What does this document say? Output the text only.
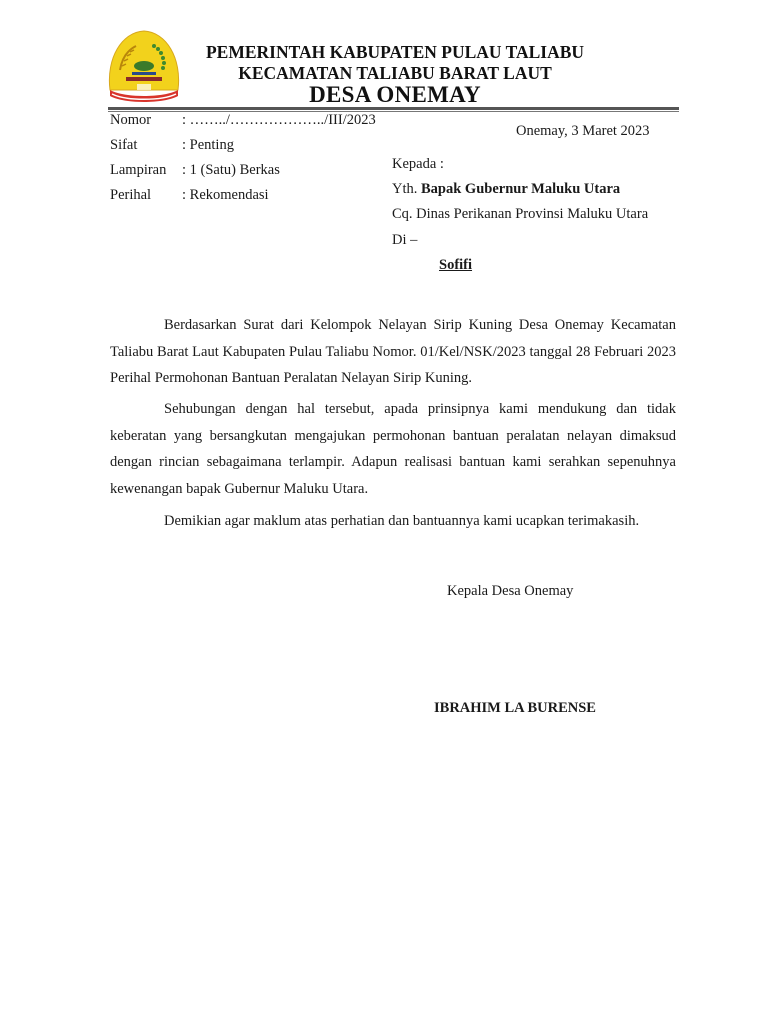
PEMERINTAH KABUPATEN PULAU TALIABU
KECAMATAN TALIABU BARAT LAUT
DESA ONEMAY
Nomor : ……../………………../III/2023
Sifat	: Penting
Lampiran : 1 (Satu) Berkas
Perihal : Rekomendasi
Onemay, 3 Maret 2023
Kepada :
Yth. Bapak Gubernur Maluku Utara
Cq. Dinas Perikanan Provinsi Maluku Utara
Di –
Sofifi

Berdasarkan Surat dari Kelompok Nelayan Sirip Kuning Desa Onemay Kecamatan Taliabu Barat Laut Kabupaten Pulau Taliabu Nomor. 01/Kel/NSK/2023 tanggal 28 Februari 2023 Perihal Permohonan Bantuan Peralatan Nelayan Sirip Kuning.

Sehubungan dengan hal tersebut, apada prinsipnya kami mendukung dan tidak keberatan yang bersangkutan mengajukan permohonan bantuan peralatan nelayan dimaksud dengan rincian sebagaimana terlampir. Adapun realisasi bantuan kami serahkan sepenuhnya kewenangan bapak Gubernur Maluku Utara.

Demikian agar maklum atas perhatian dan bantuannya kami ucapkan terimakasih.

Kepala Desa Onemay
IBRAHIM LA BURENSE
